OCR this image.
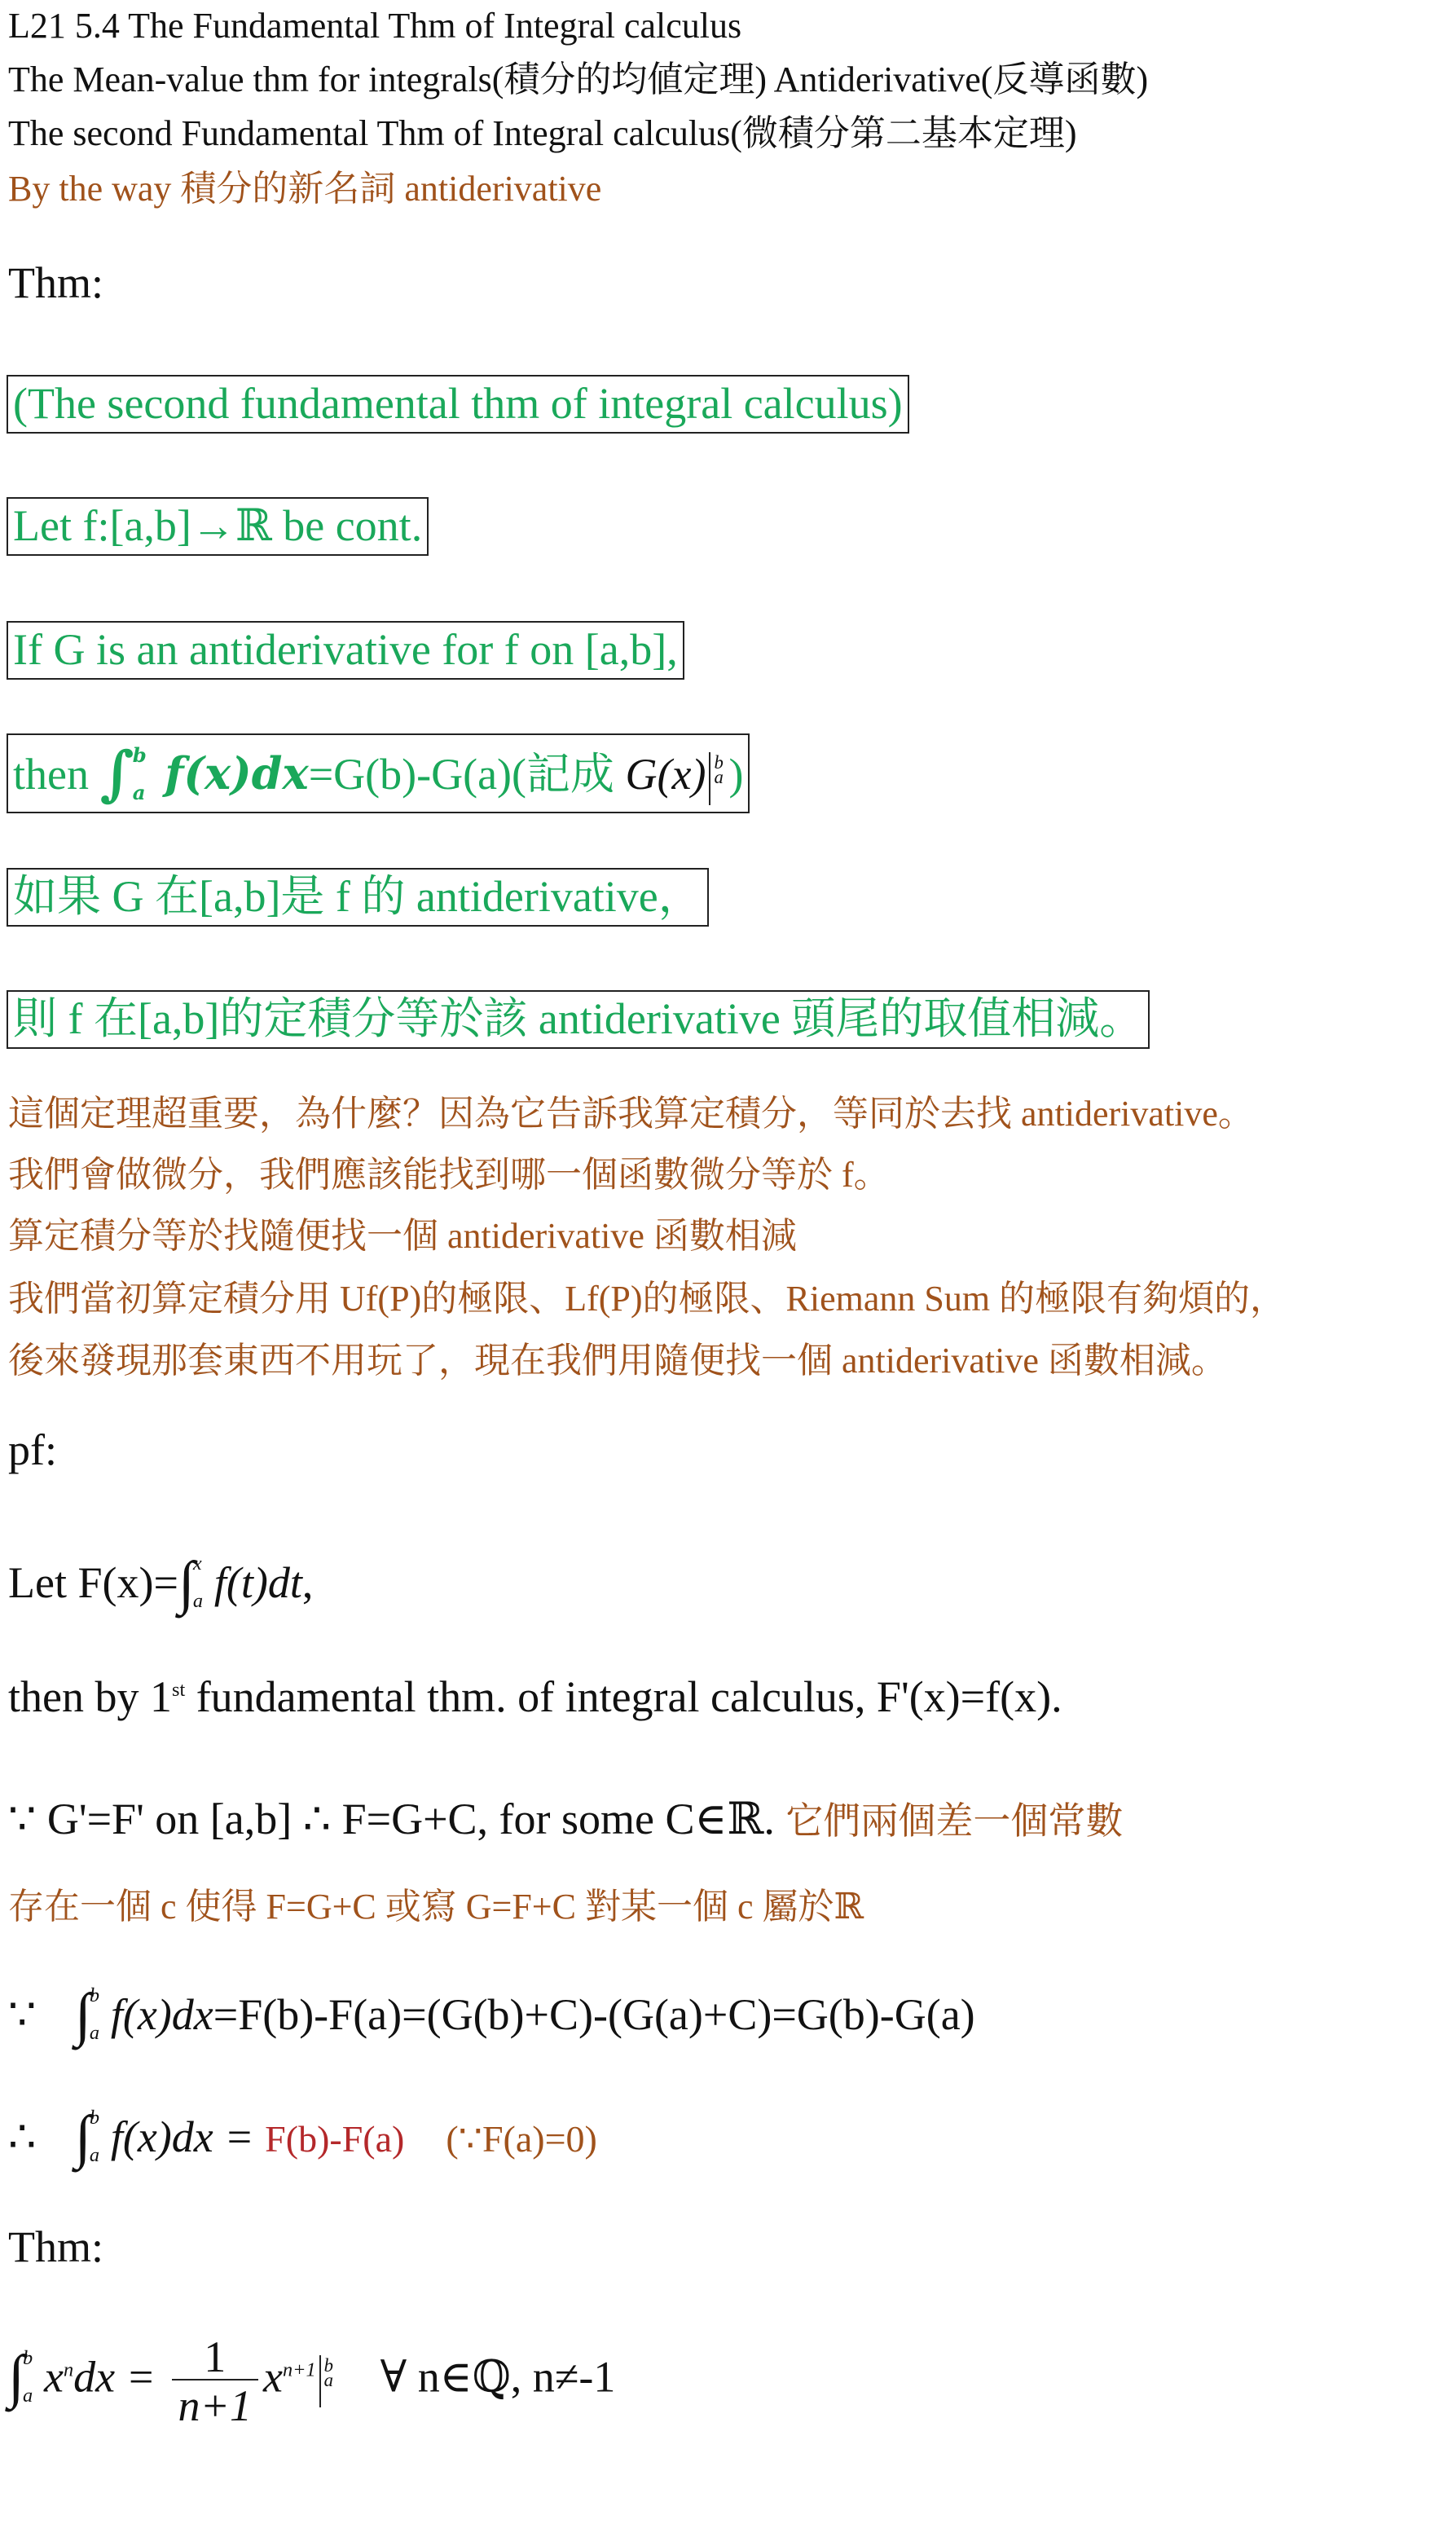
L21 5.4 The Fundamental Thm of Integral calculus
The Mean-value thm for integrals(積分的均値定理) Antiderivative(反導函數)
The second Fundamental Thm of Integral calculus(微積分第二基本定理)
By the way 積分的新名詞 antiderivative
Thm:
(The second fundamental thm of integral calculus)
Let f:[a,b]→ℝ be cont.
If G is an antiderivative for f on [a,b],
then ∫
b
a f(x)dx=G(b)-G(a)(記成 G(x) b
a )
如果 G 在[a,b]是 f 的 antiderivative，
則 f 在[a,b]的定積分等於該 antiderivative 頭尾的取值相減。
這個定理超重要，為什麼？因為它告訴我算定積分，等同於去找 antiderivative。
我們會做微分，我們應該能找到哪一個函數微分等於 f。
算定積分等於找隨便找一個 antiderivative 函數相減
我們當初算定積分用 Uf(P)的極限、Lf(P)的極限、Riemann Sum 的極限有夠煩的，
後來發現那套東西不用玩了，現在我們用隨便找一個 antiderivative 函數相減。
pf:
Let F(x)=∫
x
a f(t)dt,
then by 1st fundamental thm. of integral calculus, F'(x)=f(x).
∵ G'=F' on [a,b] ∴ F=G+C, for some C∈ℝ. 它們兩個差一個常數
存在一個 c 使得 F=G+C 或寫 G=F+C 對某一個 c 屬於ℝ
∵ ∫
b
a f(x)dx=F(b)-F(a)=(G(b)+C)-(G(a)+C)=G(b)-G(a)
∴ ∫
b
a f(x)dx = F(b)-F(a) (∵F(a)=0)
Thm:
∫
b
a $x^ndx = \frac{1}{n+1} x^{n+1}$ b
a ∀ n∈ℚ, n≠-1
